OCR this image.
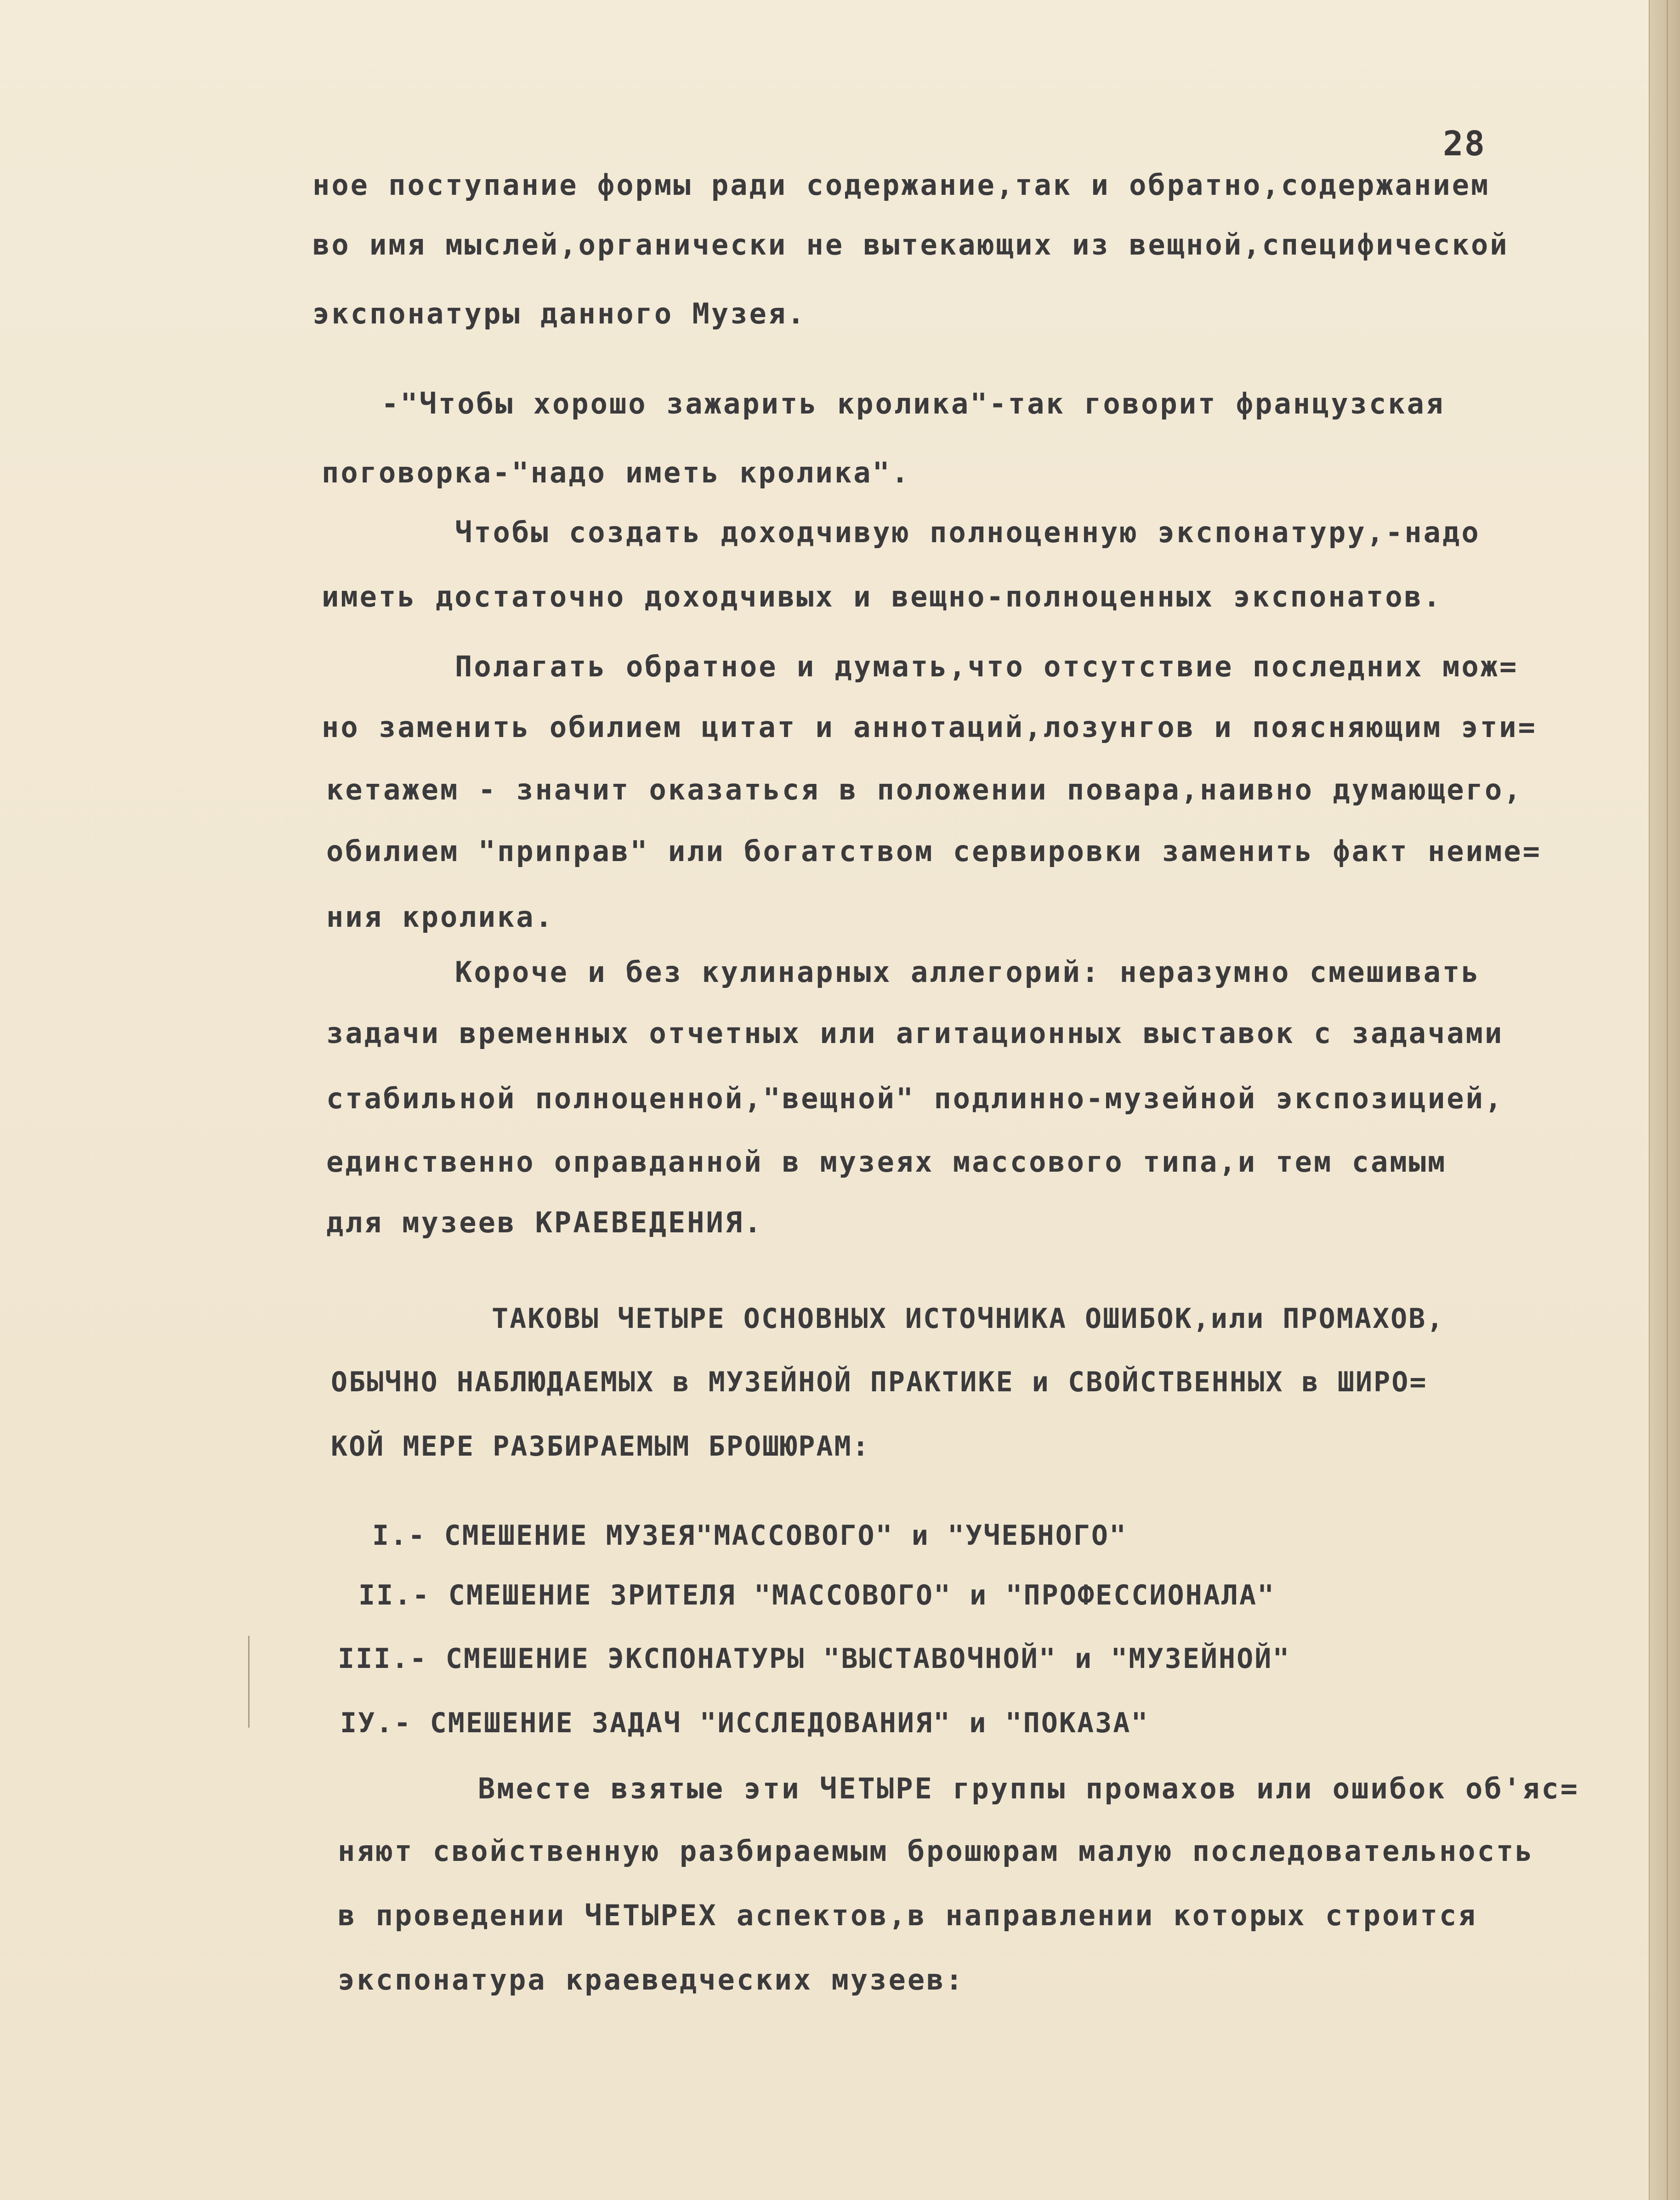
28
ное поступание формы ради содержание,так и обратно,содержанием
во имя мыслей,органически не вытекающих из вещной,специфической
экспонатуры данного Музея.
-"Чтобы хорошо зажарить кролика"-так говорит французская
поговорка-"надо иметь кролика".
Чтобы создать доходчивую полноценную экспонатуру,-надо
иметь достаточно доходчивых и вещно-полноценных экспонатов.
Полагать обратное и думать,что отсутствие последних мож=
но заменить обилием цитат и аннотаций,лозунгов и поясняющим эти=
кетажем - значит оказаться в положении повара,наивно думающего,
обилием "приправ" или богатством сервировки заменить факт неиме=
ния кролика.
Короче и без кулинарных аллегорий: неразумно смешивать
задачи временных отчетных или агитационных выставок с задачами
стабильной полноценной,"вещной" подлинно-музейной экспозицией,
единственно оправданной в музеях массового типа,и тем самым
для музеев КРАЕВЕДЕНИЯ.
ТАКОВЫ ЧЕТЫРЕ ОСНОВНЫХ ИСТОЧНИКА ОШИБОК,или ПРОМАХОВ,
ОБЫЧНО НАБЛЮДАЕМЫХ в МУЗЕЙНОЙ ПРАКТИКЕ и СВОЙСТВЕННЫХ в ШИРО=
КОЙ МЕРЕ РАЗБИРАЕМЫМ БРОШЮРАМ:
I.- СМЕШЕНИЕ МУЗЕЯ"МАССОВОГО" и "УЧЕБНОГО"
II.- СМЕШЕНИЕ ЗРИТЕЛЯ "МАССОВОГО" и "ПРОФЕССИОНАЛА"
III.- СМЕШЕНИЕ ЭКСПОНАТУРЫ "ВЫСТАВОЧНОЙ" и "МУЗЕЙНОЙ"
IУ.- СМЕШЕНИЕ ЗАДАЧ "ИССЛЕДОВАНИЯ" и "ПОКАЗА"
Вместе взятые эти ЧЕТЫРЕ группы промахов или ошибок об'яс=
няют свойственную разбираемым брошюрам малую последовательность
в проведении ЧЕТЫРЕХ аспектов,в направлении которых строится
экспонатура краеведческих музеев:
